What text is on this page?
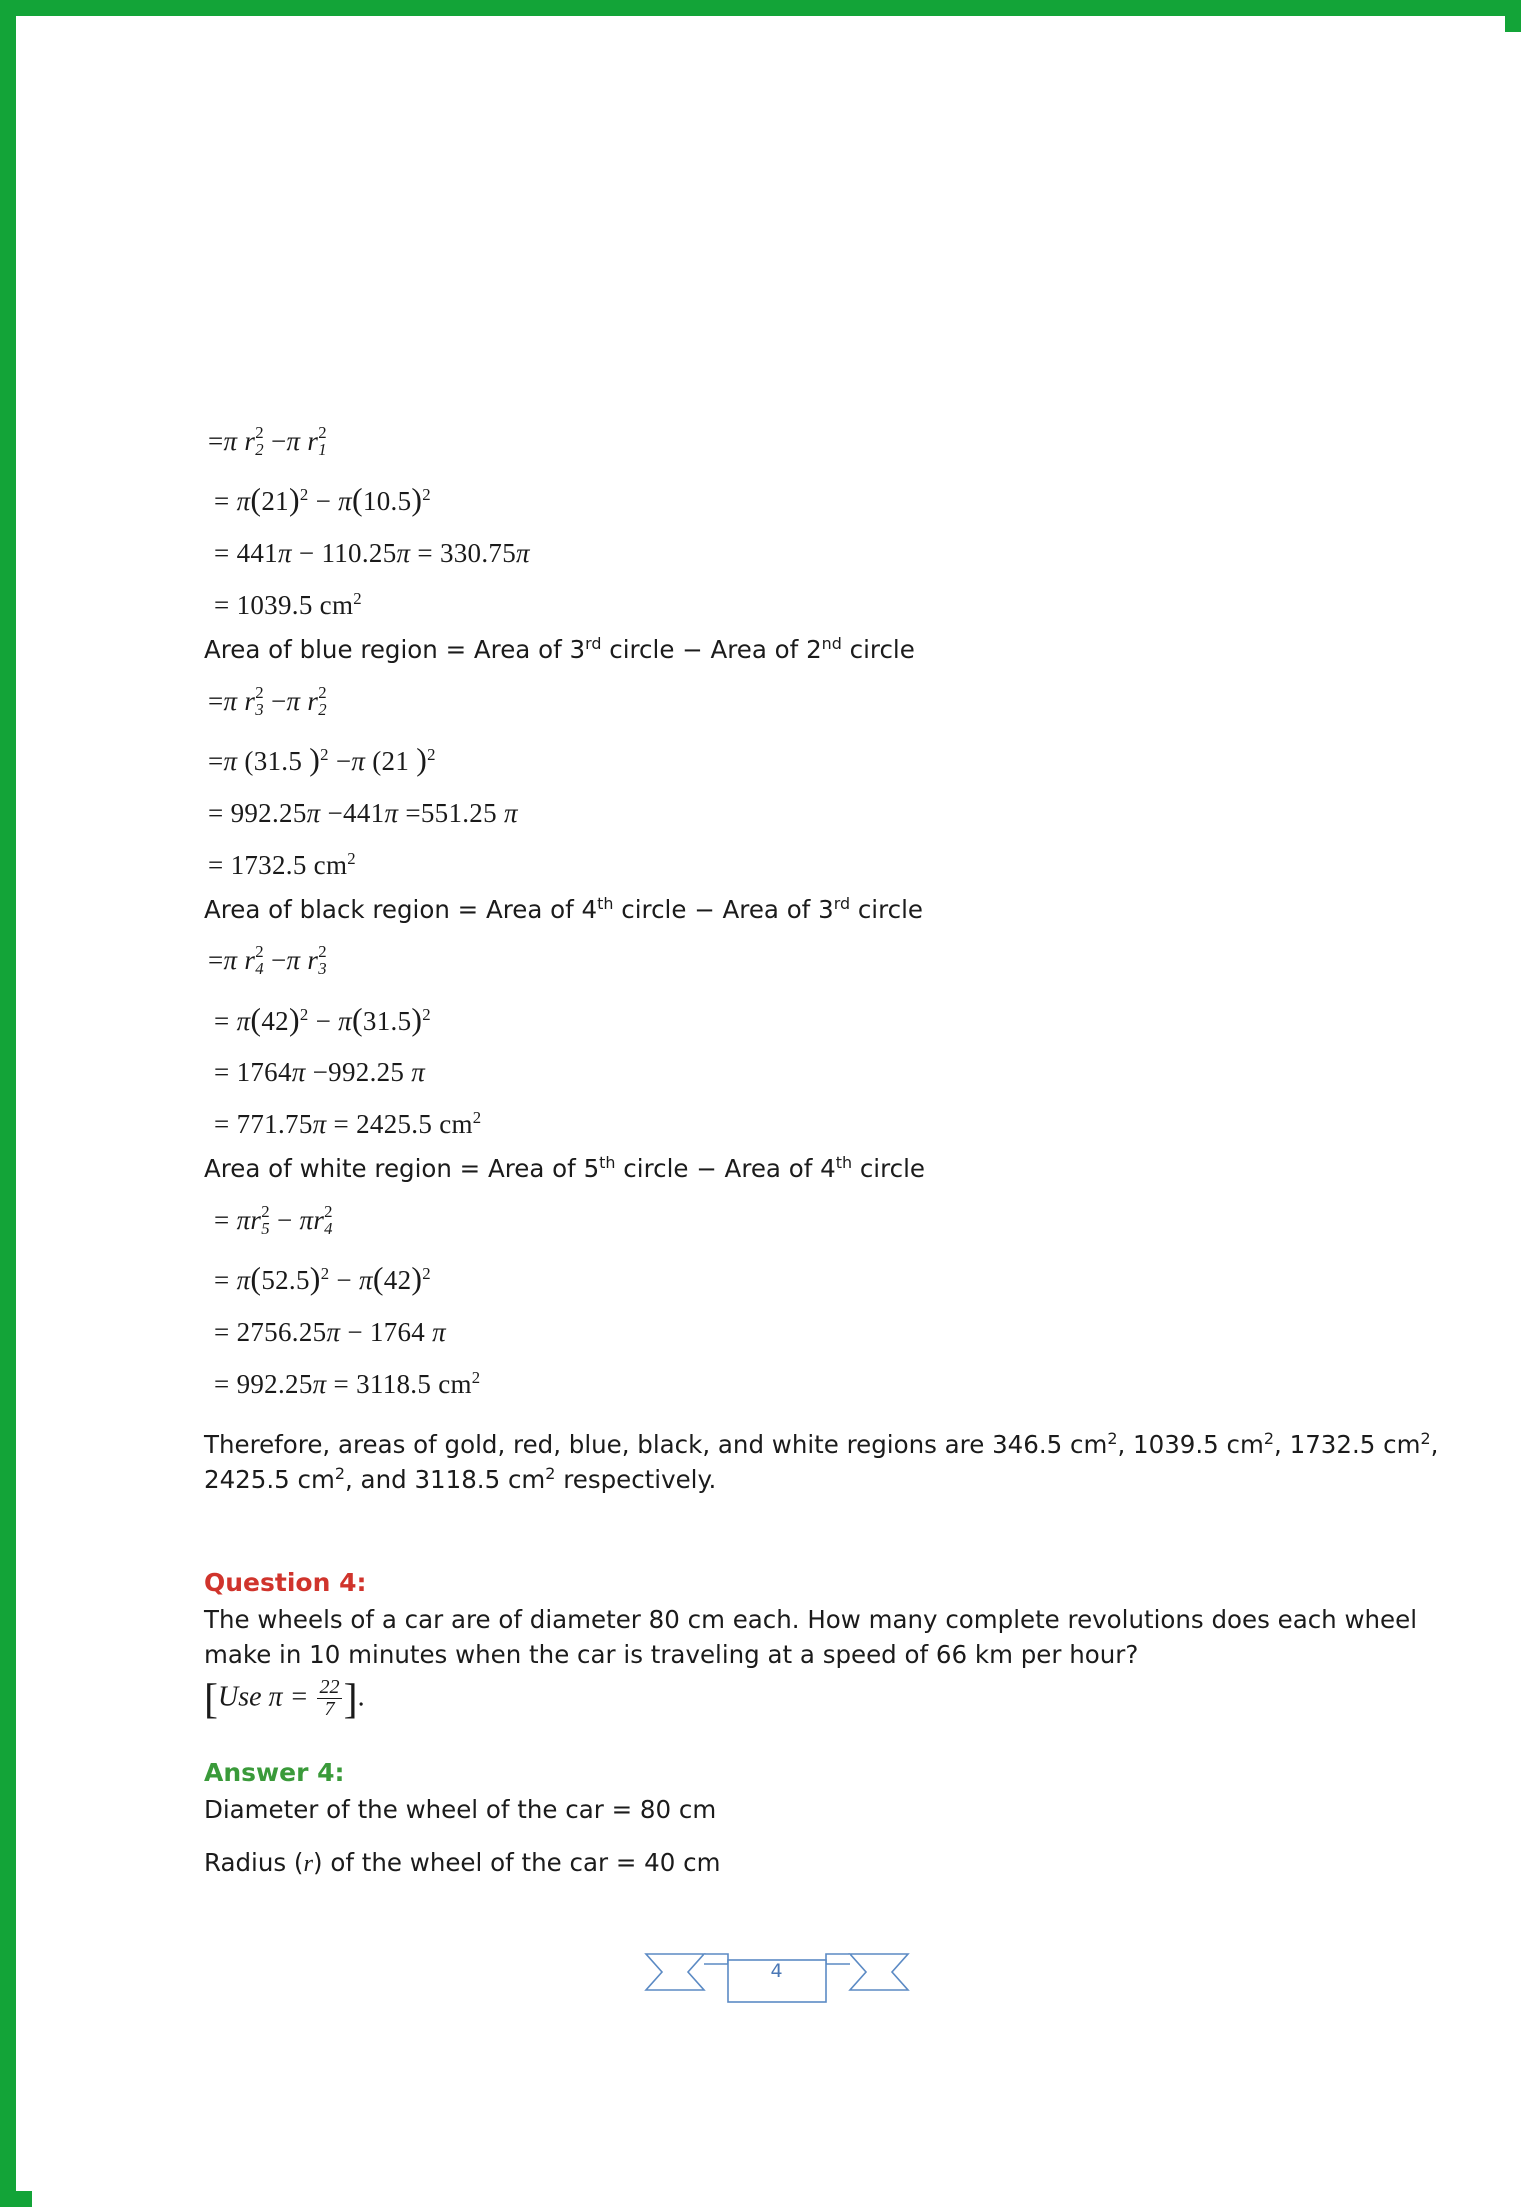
=π r 2
2 −π r 2
1
= $\pi(21)^2 - \pi(10.5)^2$
= 441π − 110.25π = 330.75π
= 1039.5 $cm^2$
Area of blue region = Area of 3rd circle − Area of 2nd circle
=π r 2
3 −π r 2
2
=π (31.5 )$^2$ −π (21 )$^2$
= 992.25π −441π =551.25 π
= 1732.5 $cm^2$
Area of black region = Area of 4th circle − Area of 3rd circle
=π r 2
4 −π r 2
3
= $\pi(42)^2 - \pi(31.5)^2$
= 1764π −992.25 π
= 771.75π = 2425.5 $cm^2$
Area of white region = Area of 5th circle − Area of 4th circle
= πr 2
5 − πr 2
4
= $\pi(52.5)^2 - \pi(42)^2$
= 2756.25π − 1764 π
= 992.25π = 3118.5 $cm^2$
Therefore, areas of gold, red, blue, black, and white regions are 346.5 $cm^2$, 1039.5 $cm^2$, 1732.5 $cm^2$, 2425.5 $cm^2$, and 3118.5 $cm^2$ respectively.
Question 4:
The wheels of a car are of diameter 80 cm each. How many complete revolutions does each wheel make in 10 minutes when the car is traveling at a speed of 66 km per hour?
[Use $\pi = \frac{22}{7}$ ].
Answer 4:
Diameter of the wheel of the car = 80 cm
Radius (r) of the wheel of the car = 40 cm
4
